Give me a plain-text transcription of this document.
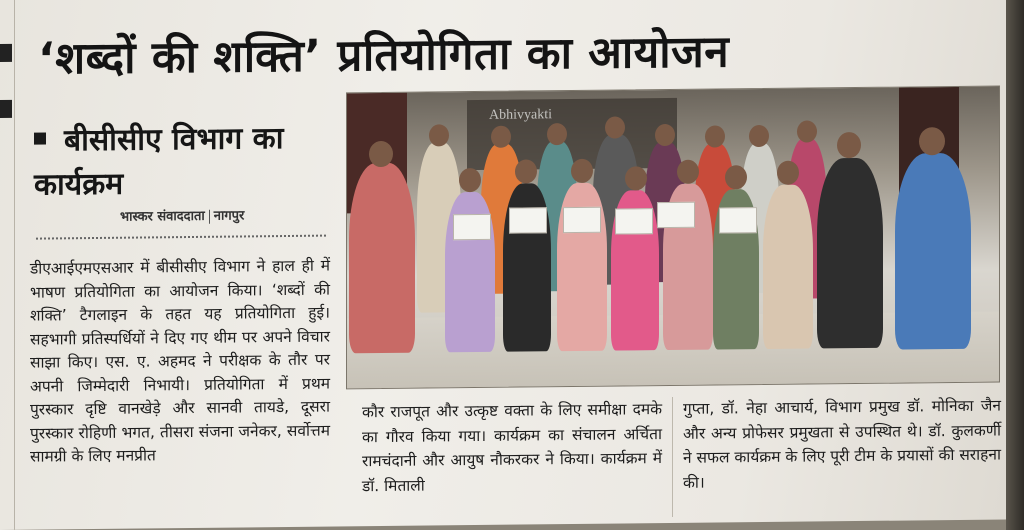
‘शब्दों की शक्ति’ प्रतियोगिता का आयोजन
बीसीसीए विभाग का
कार्यक्रम
भास्कर संवाददाता नागपुर

डीएआईएमएसआर में बीसीसीए विभाग ने हाल ही में भाषण प्रतियोगिता का आयोजन किया। ‘शब्दों की शक्ति’ टैगलाइन के तहत यह प्रतियोगिता हुई। सहभागी प्रतिस्पर्धियों ने दिए गए थीम पर अपने विचार साझा किए। एस. ए. अहमद ने परीक्षक के तौर पर अपनी जिम्मेदारी निभायी। प्रतियोगिता में प्रथम पुरस्कार दृष्टि वानखेड़े और सानवी तायडे, दूसरा पुरस्कार रोहिणी भगत, तीसरा संजना जनेकर, सर्वोत्तम सामग्री के लिए मनप्रीत

Abhivyakti
कौर राजपूत और उत्कृष्ट वक्ता के लिए समीक्षा दमके का गौरव किया गया। कार्यक्रम का संचालन अर्चिता रामचंदानी और आयुष नौकरकर ने किया। कार्यक्रम में डॉ. मिताली
गुप्ता, डॉ. नेहा आचार्य, विभाग प्रमुख डॉ. मोनिका जैन और अन्य प्रोफेसर प्रमुखता से उपस्थित थे। डॉ. कुलकर्णी ने सफल कार्यक्रम के लिए पूरी टीम के प्रयासों की सराहना की।
